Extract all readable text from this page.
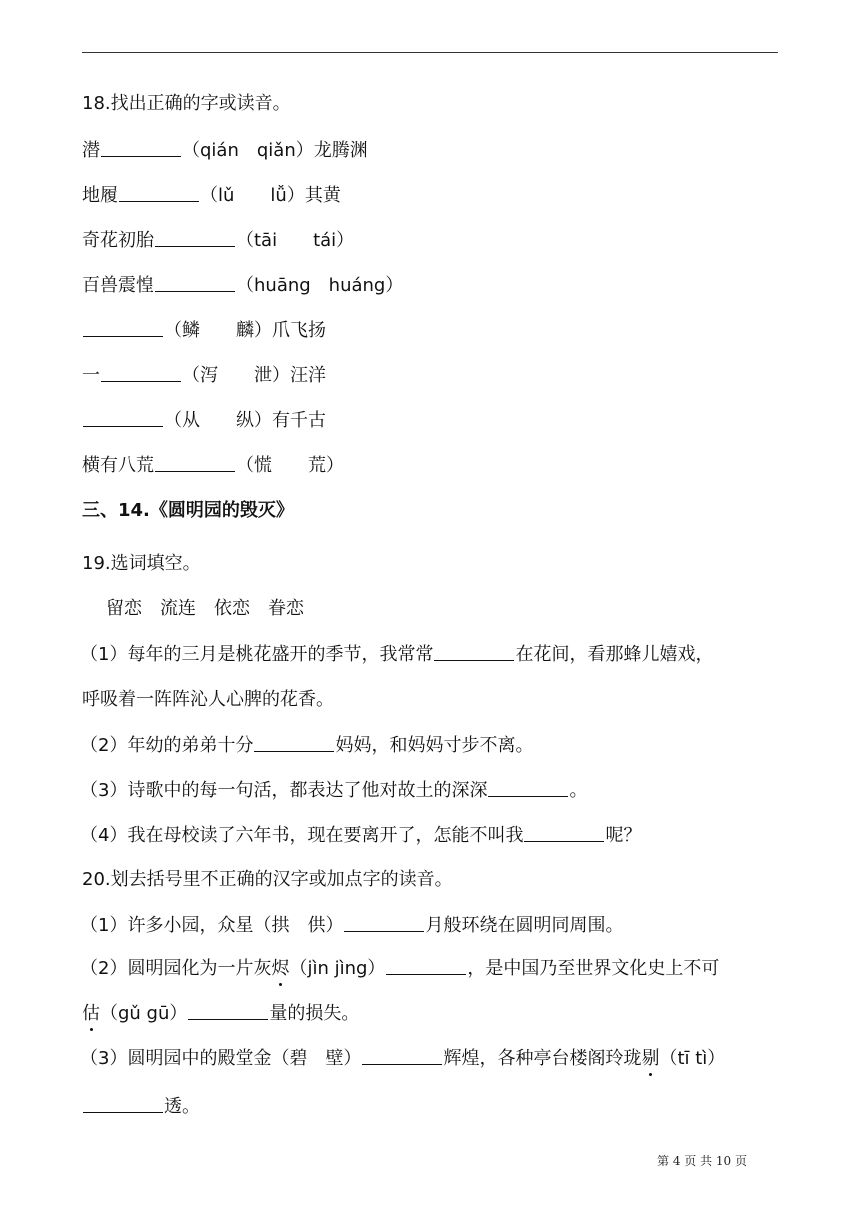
18.找出正确的字或读音。
潜	（qián　qiǎn）龙腾渊
地履	（lǔ　　lǚ）其黄
奇花初胎	（tāi　　tái）
百兽震惶	（huāng　huáng）
（鳞　　麟）爪飞扬
一	（泻　　泄）汪洋
（从　　纵）有千古
横有八荒	（慌　　荒）
三、14.《圆明园的毁灭》
19.选词填空。
留恋　流连　依恋　眷恋
（1）每年的三月是桃花盛开的季节，我常常	在花间，看那蜂儿嬉戏，
呼吸着一阵阵沁人心脾的花香。
（2）年幼的弟弟十分	妈妈，和妈妈寸步不离。
（3）诗歌中的每一句活，都表达了他对故土的深深	。
（4）我在母校读了六年书，现在要离开了，怎能不叫我	呢？
20.划去括号里不正确的汉字或加点字的读音。
（1）许多小园，众星（拱　供）	月般环绕在圆明同周围。
（2）圆明园化为一片灰烬（jìn jìng）	，是中国乃至世界文化史上不可
估（gǔ gū）	量的损失。
（3）圆明园中的殿堂金（碧　壁）	辉煌，各种亭台楼阁玲珑剔（tī tì）
透。
第 4 页 共 10 页
